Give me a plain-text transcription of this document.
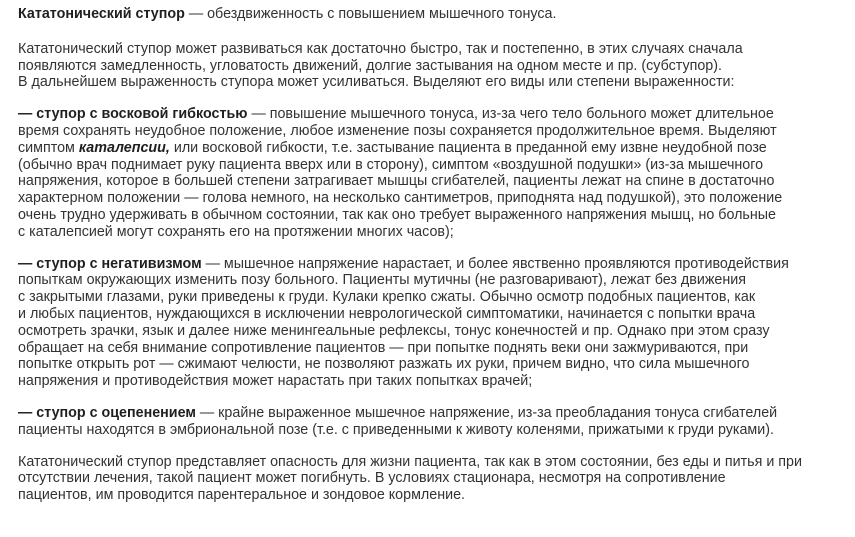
Кататонический ступор — обездвиженность с повышением мышечного тонуса.

Кататонический ступор может развиваться как достаточно быстро, так и постепенно, в этих случаях сначала
появляются замедленность, угловатость движений, долгие застывания на одном месте и пр. (субступор).
В дальнейшем выраженность ступора может усиливаться. Выделяют его виды или степени выраженности:

— ступор с восковой гибкостью — повышение мышечного тонуса, из-за чего тело больного может длительное
время сохранять неудобное положение, любое изменение позы сохраняется продолжительное время. Выделяют
симптом каталепсии, или восковой гибкости, т.е. застывание пациента в преданной ему извне неудобной позе
(обычно врач поднимает руку пациента вверх или в сторону), симптом «воздушной подушки» (из-за мышечного
напряжения, которое в большей степени затрагивает мышцы сгибателей, пациенты лежат на спине в достаточно
характерном положении — голова немного, на несколько сантиметров, приподнята над подушкой), это положение
очень трудно удерживать в обычном состоянии, так как оно требует выраженного напряжения мышц, но больные
с каталепсией могут сохранять его на протяжении многих часов);

— ступор с негативизмом — мышечное напряжение нарастает, и более явственно проявляются противодействия
попыткам окружающих изменить позу больного. Пациенты мутичны (не разговаривают), лежат без движения
с закрытыми глазами, руки приведены к груди. Кулаки крепко сжаты. Обычно осмотр подобных пациентов, как
и любых пациентов, нуждающихся в исключении неврологической симптоматики, начинается с попытки врача
осмотреть зрачки, язык и далее ниже менингеальные рефлексы, тонус конечностей и пр. Однако при этом сразу
обращает на себя внимание сопротивление пациентов — при попытке поднять веки они зажмуриваются, при
попытке открыть рот — сжимают челюсти, не позволяют разжать их руки, причем видно, что сила мышечного
напряжения и противодействия может нарастать при таких попытках врачей;

— ступор с оцепенением — крайне выраженное мышечное напряжение, из-за преобладания тонуса сгибателей
пациенты находятся в эмбриональной позе (т.е. с приведенными к животу коленями, прижатыми к груди руками).

Кататонический ступор представляет опасность для жизни пациента, так как в этом состоянии, без еды и питья и при
отсутствии лечения, такой пациент может погибнуть. В условиях стационара, несмотря на сопротивление
пациентов, им проводится парентеральное и зондовое кормление.
